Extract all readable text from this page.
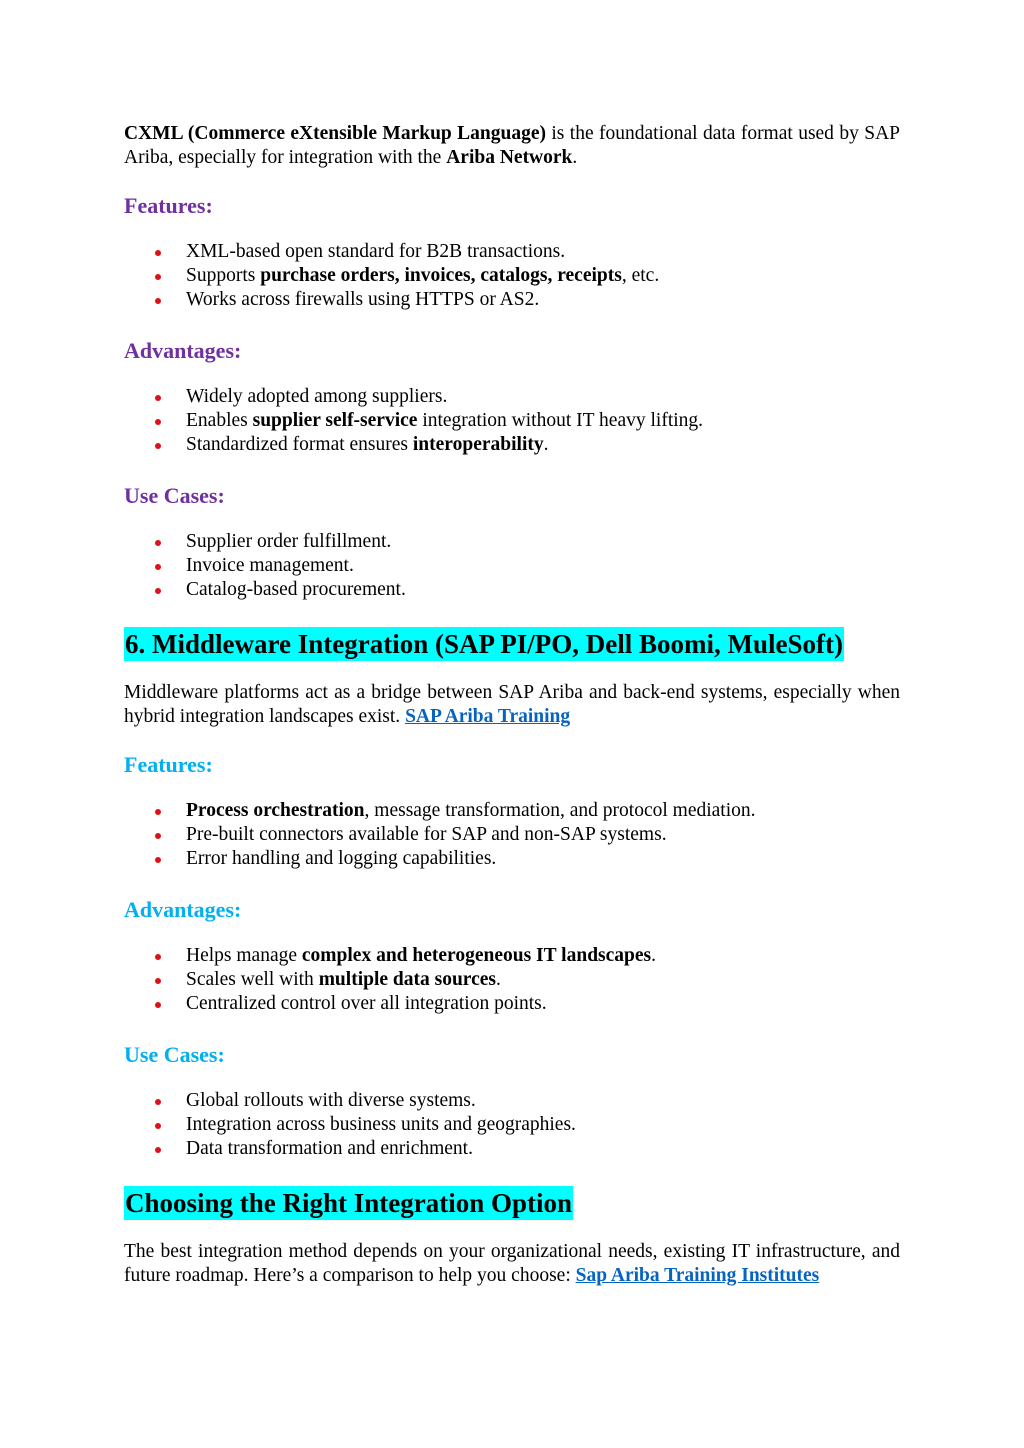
CXML (Commerce eXtensible Markup Language) is the foundational data format used by SAP Ariba, especially for integration with the Ariba Network.

Features:
XML-based open standard for B2B transactions.
Supports purchase orders, invoices, catalogs, receipts, etc.
Works across firewalls using HTTPS or AS2.
Advantages:
Widely adopted among suppliers.
Enables supplier self-service integration without IT heavy lifting.
Standardized format ensures interoperability.
Use Cases:
Supplier order fulfillment.
Invoice management.
Catalog-based procurement.
6. Middleware Integration (SAP PI/PO, Dell Boomi, MuleSoft)

Middleware platforms act as a bridge between SAP Ariba and back-end systems, especially when hybrid integration landscapes exist. SAP Ariba Training

Features:
Process orchestration, message transformation, and protocol mediation.
Pre-built connectors available for SAP and non-SAP systems.
Error handling and logging capabilities.
Advantages:
Helps manage complex and heterogeneous IT landscapes.
Scales well with multiple data sources.
Centralized control over all integration points.
Use Cases:
Global rollouts with diverse systems.
Integration across business units and geographies.
Data transformation and enrichment.
Choosing the Right Integration Option

The best integration method depends on your organizational needs, existing IT infrastructure, and future roadmap. Here’s a comparison to help you choose: Sap Ariba Training Institutes
